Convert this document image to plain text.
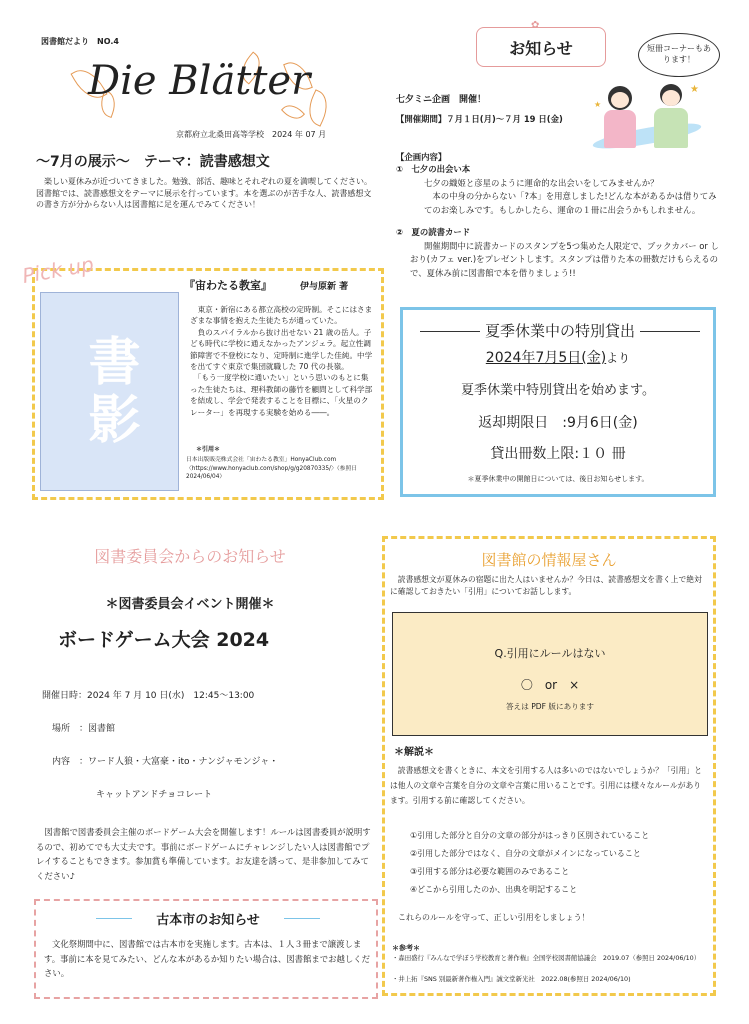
図書館だより　NO.4
Die Blätter
京都府立北桑田高等学校　2024 年 07 月
～7月の展示～　テーマ：読書感想文
　楽しい夏休みが近づいてきました。勉強、部活、趣味とそれぞれの夏を満喫してください。図書館では、読書感想文をテーマに展示を行っています。本を選ぶのが苦手な人、読書感想文の書き方が分からない人は図書館に足を運んでみてください！
Pick up
書影
『宙わたる教室』	伊与原新 著
　東京・新宿にある都立高校の定時制。そこにはさまざまな事情を抱えた生徒たちが通っていた。
　負のスパイラルから抜け出せない 21 歳の岳人。子ども時代に学校に通えなかったアンジェラ。起立性調節障害で不登校になり、定時制に進学した佳純。中学を出てすぐ東京で集団就職した 70 代の長嶺。
　「もう一度学校に通いたい」という思いのもとに集った生徒たちは、理科教師の藤竹を顧問として科学部を結成し、学会で発表することを目標に、「火星のクレーター」を再現する実験を始める――。
＊引用＊
日本出版販売株式会社「宙わたる教室」HonyaClub.com〈https://www.honyaclub.com/shop/g/g20870335/〉（参照日 2024/06/04）
✿
お知らせ	短冊コーナーもあります！
★
★
七夕ミニ企画　開催！
【開催期間】７月１日(月)～７月 19 日(金)
【企画内容】
①　七夕の出会い本
七夕の織姫と彦星のように運命的な出会いをしてみませんか？
　本の中身の分からない「?本」を用意しました!どんな本があるかは借りてみてのお楽しみです。もしかしたら、運命の１冊に出会うかもしれません。
②　夏の読書カード
開催期間中に読書カードのスタンプを5つ集めた人限定で、ブックカバー or しおり(カフェ ver.)をプレゼントします。スタンプは借りた本の冊数だけもらえるので、夏休み前に図書館で本を借りましょう!!
夏季休業中の特別貸出
2024年7月5日(金)より
夏季休業中特別貸出を始めます。
返却期限日　:9月6日(金)
貸出冊数上限:１０ 冊
＊夏季休業中の開館日については、後日お知らせします。
図書委員会からのお知らせ
＊図書委員会イベント開催＊
ボードゲーム大会 2024
開催日時：2024 年 7 月 10 日(水)　12:45～13:00
場所　：図書館
内容　：ワード人狼・大富豪・ito・ナンジャモンジャ・
キャットアンドチョコレート
　図書館で図書委員会主催のボードゲーム大会を開催します！ルールは図書委員が説明するので、初めてでも大丈夫です。事前にボードゲームにチャレンジしたい人は図書館でプレイすることもできます。参加賞も準備しています。お友達を誘って、是非参加してみてください♪
古本市のお知らせ
文化祭期間中に、図書館では古本市を実施します。古本は、１人３冊まで譲渡します。事前に本を見てみたい、どんな本があるか知りたい場合は、図書館までお越しください。
図書館の情報屋さん
　読書感想文が夏休みの宿題に出た人はいませんか？今日は、読書感想文を書く上で絶対に確認しておきたい「引用」についてお話しします。
Q.引用にルールはない
〇　or　×
答えは PDF 版にあります
＊解説＊
　読書感想文を書くときに、本文を引用する人は多いのではないでしょうか？「引用」とは他人の文章や言葉を自分の文章や言葉に用いることです。引用には様々なルールがあります。引用する前に確認してください。
①引用した部分と自分の文章の部分がはっきり区別されていること
②引用した部分ではなく、自分の文章がメインになっていること
③引用する部分は必要な範囲のみであること
④どこから引用したのか、出典を明記すること
これらのルールを守って、正しい引用をしましょう！
＊参考＊
・森田盛行『みんなで学ぼう学校教育と著作権』全国学校図書館協議会　2019.07（参照日 2024/06/10）
・井上拓『SNS 別最新著作権入門』誠文堂新光社　2022.08(参照日 2024/06/10)
